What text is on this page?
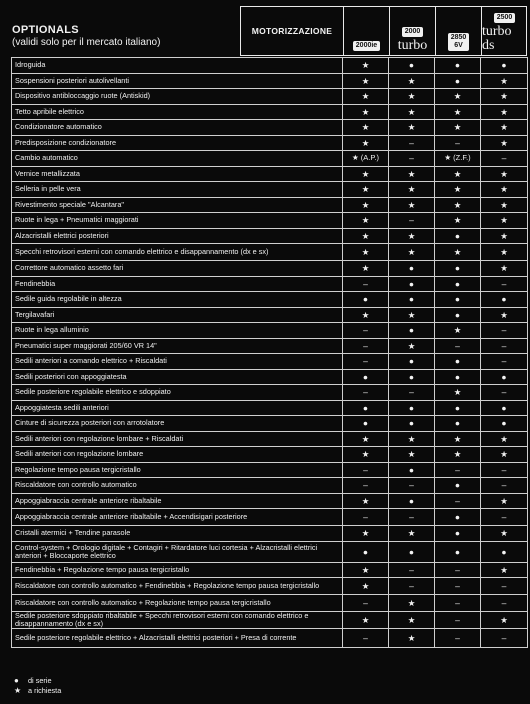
OPTIONALS
(validi solo per il mercato italiano)
MOTORIZZAZIONE
2000ie
2000
turbo
2850
6V
2500
turbo ds
Idroguida	★	●	●	●
Sospensioni posteriori autolivellanti	★	★	●	★
Dispositivo antibloccaggio ruote (Antiskid)	★	★	★	★
Tetto apribile elettrico	★	★	★	★
Condizionatore automatico	★	★	★	★
Predisposizione condizionatore	★	–	–	★
Cambio automatico	★ (A.P.)	–	★ (Z.F.)	–
Vernice metallizzata	★	★	★	★
Selleria in pelle vera	★	★	★	★
Rivestimento speciale "Alcantara"	★	★	★	★
Ruote in lega + Pneumatici maggiorati	★	–	★	★
Alzacristalli elettrici posteriori	★	★	●	★
Specchi retrovisori esterni con comando elettrico e disappannamento (dx e sx)	★	★	★	★
Correttore automatico assetto fari	★	●	●	★
Fendinebbia	–	●	●	–
Sedile guida regolabile in altezza	●	●	●	●
Tergilavafari	★	★	●	★
Ruote in lega alluminio	–	●	★	–
Pneumatici super maggiorati 205/60 VR 14"	–	★	–	–
Sedili anteriori a comando elettrico + Riscaldati	–	●	●	–
Sedili posteriori con appoggiatesta	●	●	●	●
Sedile posteriore regolabile elettrico e sdoppiato	–	–	★	–
Appoggiatesta sedili anteriori	●	●	●	●
Cinture di sicurezza posteriori con arrotolatore	●	●	●	●
Sedili anteriori con regolazione lombare + Riscaldati	★	★	★	★
Sedili anteriori con regolazione lombare	★	★	★	★
Regolazione tempo pausa tergicristallo	–	●	–	–
Riscaldatore con controllo automatico	–	–	●	–
Appoggiabraccia centrale anteriore ribaltabile	★	●	–	★
Appoggiabraccia centrale anteriore ribaltabile + Accendisigari posteriore	–	–	●	–
Cristalli atermici + Tendine parasole	★	★	●	★
Control-system + Orologio digitale + Contagiri + Ritardatore luci cortesia + Alzacristalli elettrici anteriori + Bloccaporte elettrico	●	●	●	●
Fendinebbia + Regolazione tempo pausa tergicristallo	★	–	–	★
Riscaldatore con controllo automatico + Fendinebbia + Regolazione tempo pausa tergicristallo	★	–	–	–
Riscaldatore con controllo automatico + Regolazione tempo pausa tergicristallo	–	★	–	–
Sedile posteriore sdoppiato ribaltabile + Specchi retrovisori esterni con comando elettrico e disappannamento (dx e sx)	★	★	–	★
Sedile posteriore regolabile elettrico + Alzacristalli elettrici posteriori + Presa di corrente	–	★	–	–
●	di serie
★ a richiesta
